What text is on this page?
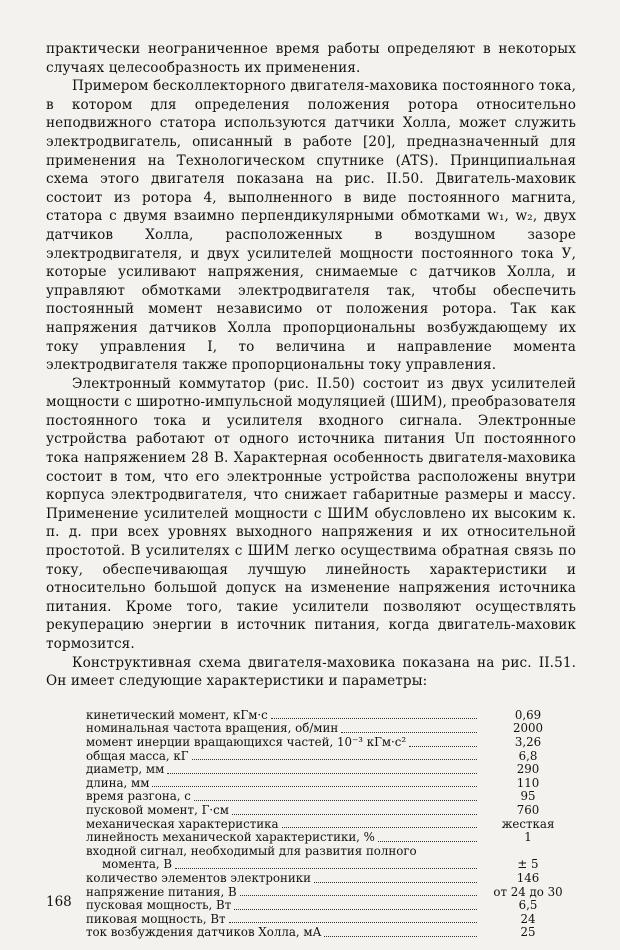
практически неограниченное время работы определяют в некоторых случаях целесообразность их применения.

Примером бесколлекторного двигателя-маховика постоянного тока, в котором для определения положения ротора относительно неподвижного статора используются датчики Холла, может служить электродвигатель, описанный в работе [20], предназначенный для применения на Технологическом спутнике (ATS). Принципиальная схема этого двигателя показана на рис. II.50. Двигатель-маховик состоит из ротора 4, выполненного в виде постоянного магнита, статора с двумя взаимно перпендикулярными обмотками w₁, w₂, двух датчиков Холла, расположенных в воздушном зазоре электродвигателя, и двух усилителей мощности постоянного тока У, которые усиливают напряжения, снимаемые с датчиков Холла, и управляют обмотками электродвигателя так, чтобы обеспечить постоянный момент независимо от положения ротора. Так как напряжения датчиков Холла пропорциональны возбуждающему их току управления I, то величина и направление момента электродвигателя также пропорциональны току управления.

Электронный коммутатор (рис. II.50) состоит из двух усилителей мощности с широтно-импульсной модуляцией (ШИМ), преобразователя постоянного тока и усилителя входного сигнала. Электронные устройства работают от одного источника питания Uп постоянного тока напряжением 28 В. Характерная особенность двигателя-маховика состоит в том, что его электронные устройства расположены внутри корпуса электродвигателя, что снижает габаритные размеры и массу. Применение усилителей мощности с ШИМ обусловлено их высоким к. п. д. при всех уровнях выходного напряжения и их относительной простотой. В усилителях с ШИМ легко осуществима обратная связь по току, обеспечивающая лучшую линейность характеристики и относительно большой допуск на изменение напряжения источника питания. Кроме того, такие усилители позволяют осуществлять рекуперацию энергии в источник питания, когда двигатель-маховик тормозится.

Конструктивная схема двигателя-маховика показана на рис. II.51. Он имеет следующие характеристики и параметры:

кинетический момент, кГм·с	0,69
номинальная частота вращения, об/мин	2000
момент инерции вращающихся частей, 10⁻³ кГм·с²	3,26
общая масса, кГ	6,8
диаметр, мм	290
длина, мм	110
время разгона, с	95
пусковой момент, Г·см	760
механическая характеристика	жесткая
линейность механической характеристики, %	1
входной сигнал, необходимый для развития полного
момента, В	± 5
количество элементов электроники	146
напряжение питания, В	от 24 до 30
пусковая мощность, Вт	6,5
пиковая мощность, Вт	24
ток возбуждения датчиков Холла, мА	25
168
